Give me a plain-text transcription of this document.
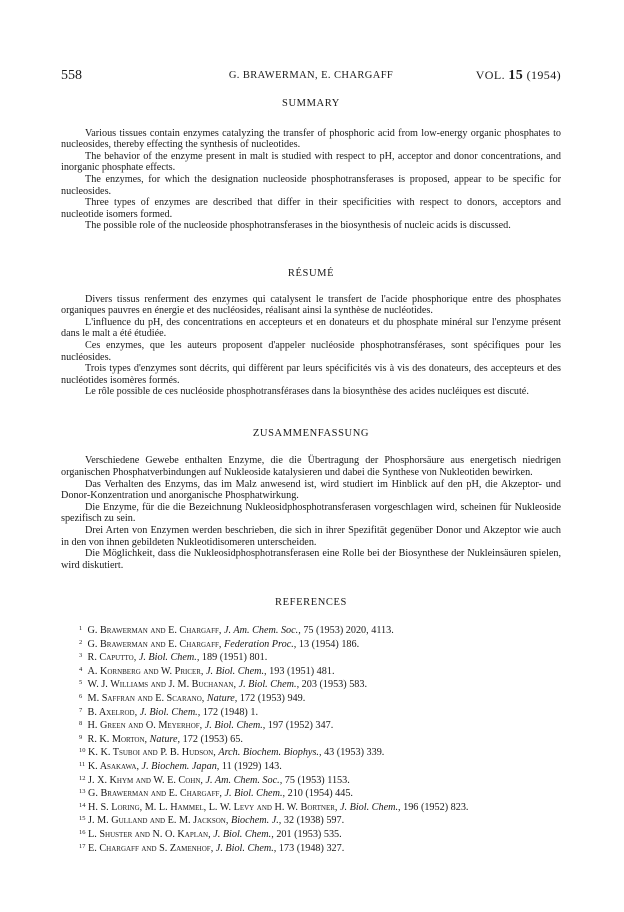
558	G. BRAWERMAN, E. CHARGAFF	VOL. 15 (1954)
SUMMARY

Various tissues contain enzymes catalyzing the transfer of phosphoric acid from low-energy organic phosphates to nucleosides, thereby effecting the synthesis of nucleotides.

The behavior of the enzyme present in malt is studied with respect to pH, acceptor and donor concentrations, and inorganic phosphate effects.

The enzymes, for which the designation nucleoside phosphotransferases is proposed, appear to be specific for nucleosides.

Three types of enzymes are described that differ in their specificities with respect to donors, acceptors and nucleotide isomers formed.

The possible role of the nucleoside phosphotransferases in the biosynthesis of nucleic acids is discussed.

RÉSUMÉ

Divers tissus renferment des enzymes qui catalysent le transfert de l'acide phosphorique entre des phosphates organiques pauvres en énergie et des nucléosides, réalisant ainsi la synthèse de nucléotides.

L'influence du pH, des concentrations en accepteurs et en donateurs et du phosphate minéral sur l'enzyme présent dans le malt a été étudiée.

Ces enzymes, que les auteurs proposent d'appeler nucléoside phosphotransférases, sont spécifiques pour les nucléosides.

Trois types d'enzymes sont décrits, qui diffèrent par leurs spécificités vis à vis des donateurs, des accepteurs et des nucléotides isomères formés.

Le rôle possible de ces nucléoside phosphotransférases dans la biosynthèse des acides nucléiques est discuté.

ZUSAMMENFASSUNG

Verschiedene Gewebe enthalten Enzyme, die die Übertragung der Phosphorsäure aus energetisch niedrigen organischen Phosphatverbindungen auf Nukleoside katalysieren und dabei die Synthese von Nukleotiden bewirken.

Das Verhalten des Enzyms, das im Malz anwesend ist, wird studiert im Hinblick auf den pH, die Akzeptor- und Donor-Konzentration und anorganische Phosphatwirkung.

Die Enzyme, für die die Bezeichnung Nukleosidphosphotransferasen vorgeschlagen wird, scheinen für Nukleoside spezifisch zu sein.

Drei Arten von Enzymen werden beschrieben, die sich in ihrer Spezifität gegenüber Donor und Akzeptor wie auch in den von ihnen gebildeten Nukleotidisomeren unterscheiden.

Die Möglichkeit, dass die Nukleosidphosphotransferasen eine Rolle bei der Biosynthese der Nukleinsäuren spielen, wird diskutiert.

REFERENCES
1 G. Brawerman and E. Chargaff, J. Am. Chem. Soc., 75 (1953) 2020, 4113.
2 G. Brawerman and E. Chargaff, Federation Proc., 13 (1954) 186.
3 R. Caputto, J. Biol. Chem., 189 (1951) 801.
4 A. Kornberg and W. Pricer, J. Biol. Chem., 193 (1951) 481.
5 W. J. Williams and J. M. Buchanan, J. Biol. Chem., 203 (1953) 583.
6 M. Saffran and E. Scarano, Nature, 172 (1953) 949.
7 B. Axelrod, J. Biol. Chem., 172 (1948) 1.
8 H. Green and O. Meyerhof, J. Biol. Chem., 197 (1952) 347.
9 R. K. Morton, Nature, 172 (1953) 65.
10 K. K. Tsuboi and P. B. Hudson, Arch. Biochem. Biophys., 43 (1953) 339.
11 K. Asakawa, J. Biochem. Japan, 11 (1929) 143.
12 J. X. Khym and W. E. Cohn, J. Am. Chem. Soc., 75 (1953) 1153.
13 G. Brawerman and E. Chargaff, J. Biol. Chem., 210 (1954) 445.
14 H. S. Loring, M. L. Hammel, L. W. Levy and H. W. Bortner, J. Biol. Chem., 196 (1952) 823.
15 J. M. Gulland and E. M. Jackson, Biochem. J., 32 (1938) 597.
16 L. Shuster and N. O. Kaplan, J. Biol. Chem., 201 (1953) 535.
17 E. Chargaff and S. Zamenhof, J. Biol. Chem., 173 (1948) 327.
